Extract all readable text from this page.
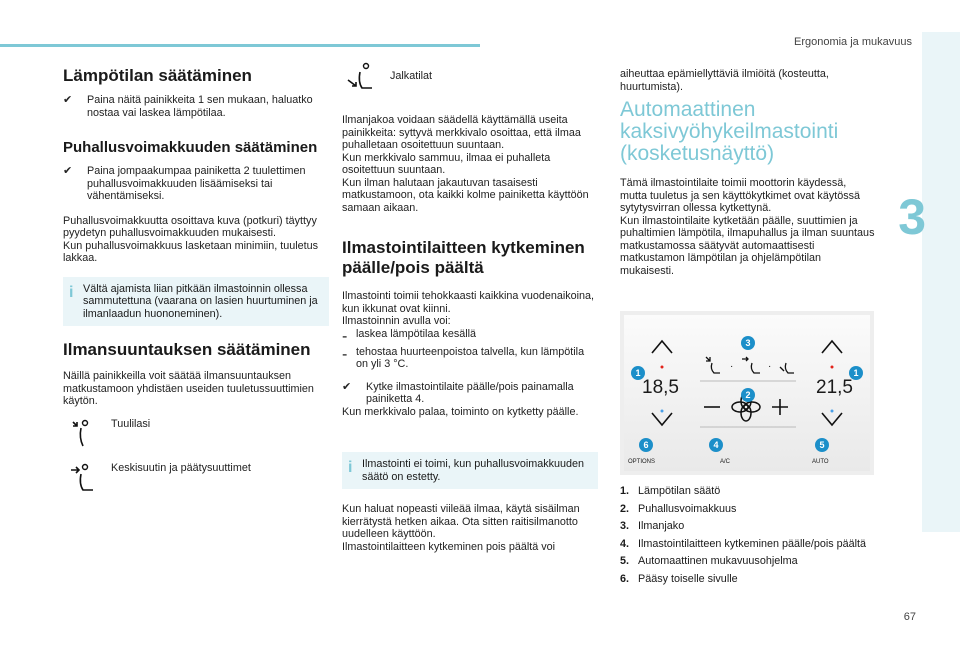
Ergonomia ja mukavuus
3
67
Lämpötilan säätäminen

✔ Paina näitä painikkeita 1 sen mukaan, haluatko nostaa vai laskea lämpötilaa.

Puhallusvoimakkuuden säätäminen

✔ Paina jompaakumpaa painiketta 2 tuulettimen puhallusvoimakkuuden lisäämiseksi tai vähentämiseksi.

Puhallusvoimakkuutta osoittava kuva (potkuri) täyttyy pyydetyn puhallusvoimakkuuden mukaisesti.

Kun puhallusvoimakkuus lasketaan minimiin, tuuletus lakkaa.

i Vältä ajamista liian pitkään ilmastoinnin ollessa sammutettuna (vaarana on lasien huurtuminen ja ilmanlaadun huononeminen).
Ilmansuuntauksen säätäminen

Näillä painikkeilla voit säätää ilmansuuntauksen matkustamoon yhdistäen useiden tuuletussuuttimien käytön.

Tuulilasi

Keskisuutin ja päätysuuttimet

Jalkatilat

Ilmanjakoa voidaan säädellä käyttämällä useita painikkeita: syttyvä merkkivalo osoittaa, että ilmaa puhalletaan osoitettuun suuntaan.

Kun merkkivalo sammuu, ilmaa ei puhalleta osoitettuun suuntaan.

Kun ilman halutaan jakautuvan tasaisesti matkustamoon, ota kaikki kolme painiketta käyttöön samaan aikaan.

Ilmastointilaitteen kytkeminen päälle/pois päältä

Ilmastointi toimii tehokkaasti kaikkina vuodenaikoina, kun ikkunat ovat kiinni.

Ilmastoinnin avulla voi:

- laskea lämpötilaa kesällä

- tehostaa huurteenpoistoa talvella, kun lämpötila on yli 3 °C.

✔ Kytke ilmastointilaite päälle/pois painamalla painiketta 4.

Kun merkkivalo palaa, toiminto on kytketty päälle.

i Ilmastointi ei toimi, kun puhallusvoimakkuuden säätö on estetty.

Kun haluat nopeasti viileää ilmaa, käytä sisäilman kierrätystä hetken aikaa. Ota sitten raitisilmanotto uudelleen käyttöön.

Ilmastointilaitteen kytkeminen pois päältä voi

aiheuttaa epämiellyttäviä ilmiöitä (kosteutta, huurtumista).

Automaattinen kaksivyöhykeilmastointi (kosketusnäyttö)

Tämä ilmastointilaite toimii moottorin käydessä, mutta tuuletus ja sen käyttökytkimet ovat käytössä sytytysvirran ollessa kytkettynä.

Kun ilmastointilaite kytketään päälle, suuttimien ja puhaltimien lämpötila, ilmapuhallus ja ilman suuntaus matkustamossa säätyvät automaattisesti matkustamon lämpötilan ja ohjelämpötilan mukaisesti.

18,5	21,5
·	·
OPTIONS	A/C	AUTO
1	1
2
3
4	5
6
1. Lämpötilan säätö
2. Puhallusvoimakkuus
3. Ilmanjako
4. Ilmastointilaitteen kytkeminen päälle/pois päältä
5. Automaattinen mukavuusohjelma
6. Pääsy toiselle sivulle
